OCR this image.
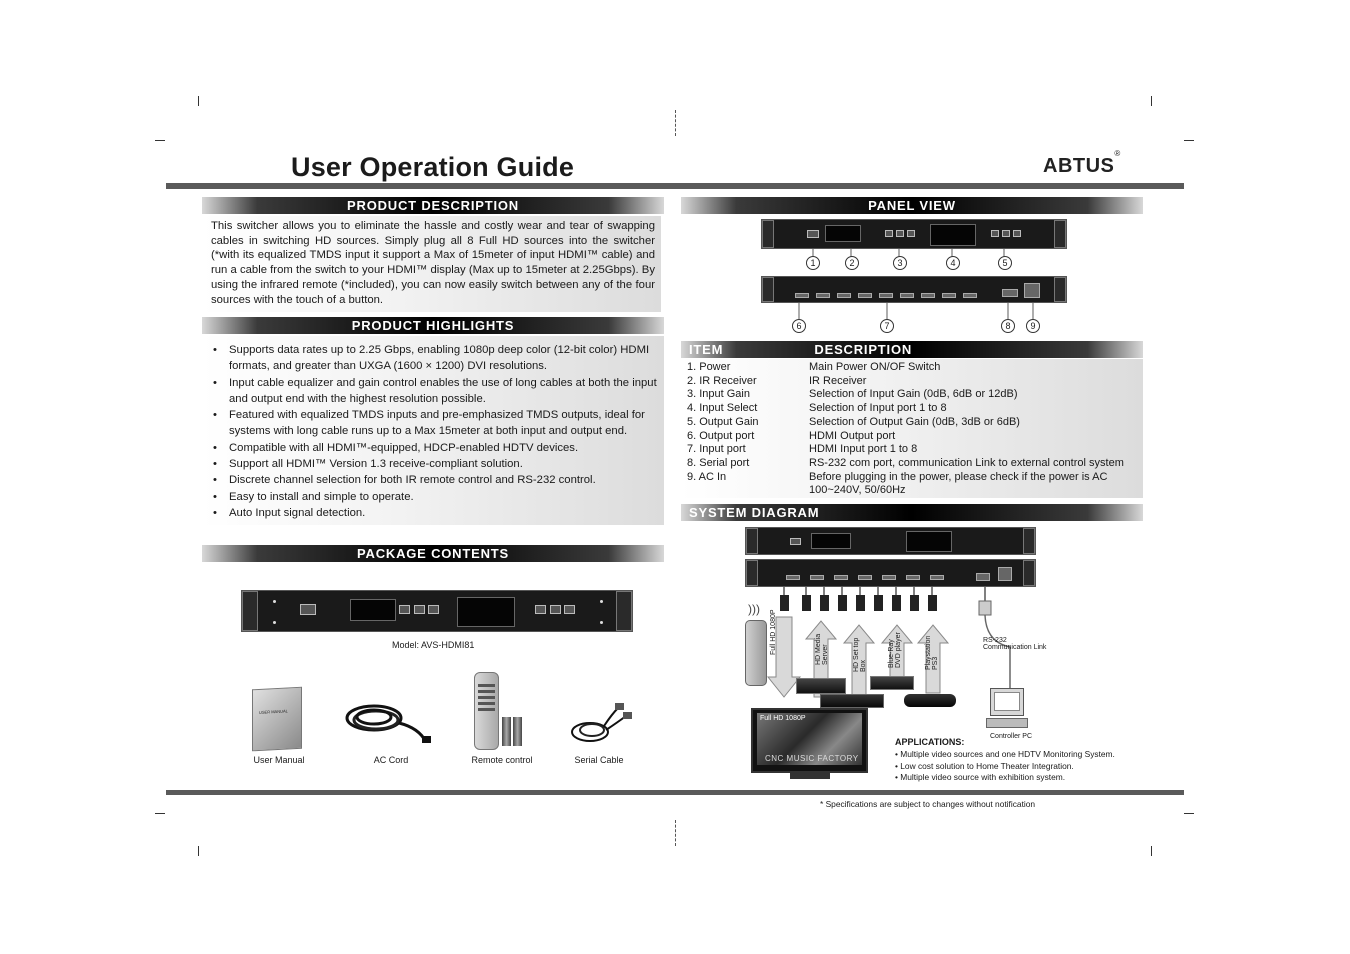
User Operation Guide	ABTUS®
PRODUCT DESCRIPTION
This switcher allows you to eliminate the hassle and costly wear and tear of swapping cables in switching HD sources. Simply plug all 8 Full HD sources into the switcher (*with its equalized TMDS input it support a Max of 15meter of input HDMI™ cable) and run a cable from the switch to your HDMI™ display (Max up to 15meter at 2.25Gbps). By using the infrared remote (*included), you can now easily switch between any of the four sources with the touch of a button.
PRODUCT HIGHLIGHTS
• Supports data rates up to 2.25 Gbps, enabling 1080p deep color (12-bit color) HDMI formats, and greater than UXGA (1600 × 1200) DVI resolutions.
• Input cable equalizer and gain control enables the use of long cables at both the input and output end with the highest resolution possible.
• Featured with equalized TMDS inputs and pre-emphasized TMDS outputs, ideal for systems with long cable runs up to a Max 15meter at both input and output end.
• Compatible with all HDMI™-equipped, HDCP-enabled HDTV devices.
• Support all HDMI™ Version 1.3 receive-compliant solution.
• Discrete channel selection for both IR remote control and RS-232 control.
• Easy to install and simple to operate.
• Auto Input signal detection.
PACKAGE CONTENTS
Model: AVS-HDMI81
USER MANUAL
User Manual	AC Cord	Remote control	Serial Cable
PANEL VIEW
1	2	3	4	5
6	7	8	9
ITEM	DESCRIPTION
1. Power	Main Power ON/OF Switch
2. IR Receiver	IR Receiver
3. Input Gain	Selection of Input Gain (0dB, 6dB or 12dB)
4. Input Select	Selection of Input port 1 to 8
5. Output Gain	Selection of Output Gain (0dB, 3dB or 6dB)
6. Output port	HDMI Output port
7. Input port	HDMI Input port 1 to 8
8. Serial port	RS-232 com port, communication Link to external control system
9. AC In	Before plugging in the power, please check if the power is AC 100~240V, 50/60Hz
SYSTEM DIAGRAM
Full HD 1080P	HD Media Server	HD Set top Box	Blue-Ray DVD player	Playstation PS3
)))
Full HD 1080P
CNC MUSIC FACTORY
RS-232
Communication Link
Controller PC
APPLICATIONS:
• Multiple video sources and one HDTV Monitoring System.
• Low cost solution to Home Theater Integration.
• Multiple video source with exhibition system.
* Specifications are subject to changes without notification
